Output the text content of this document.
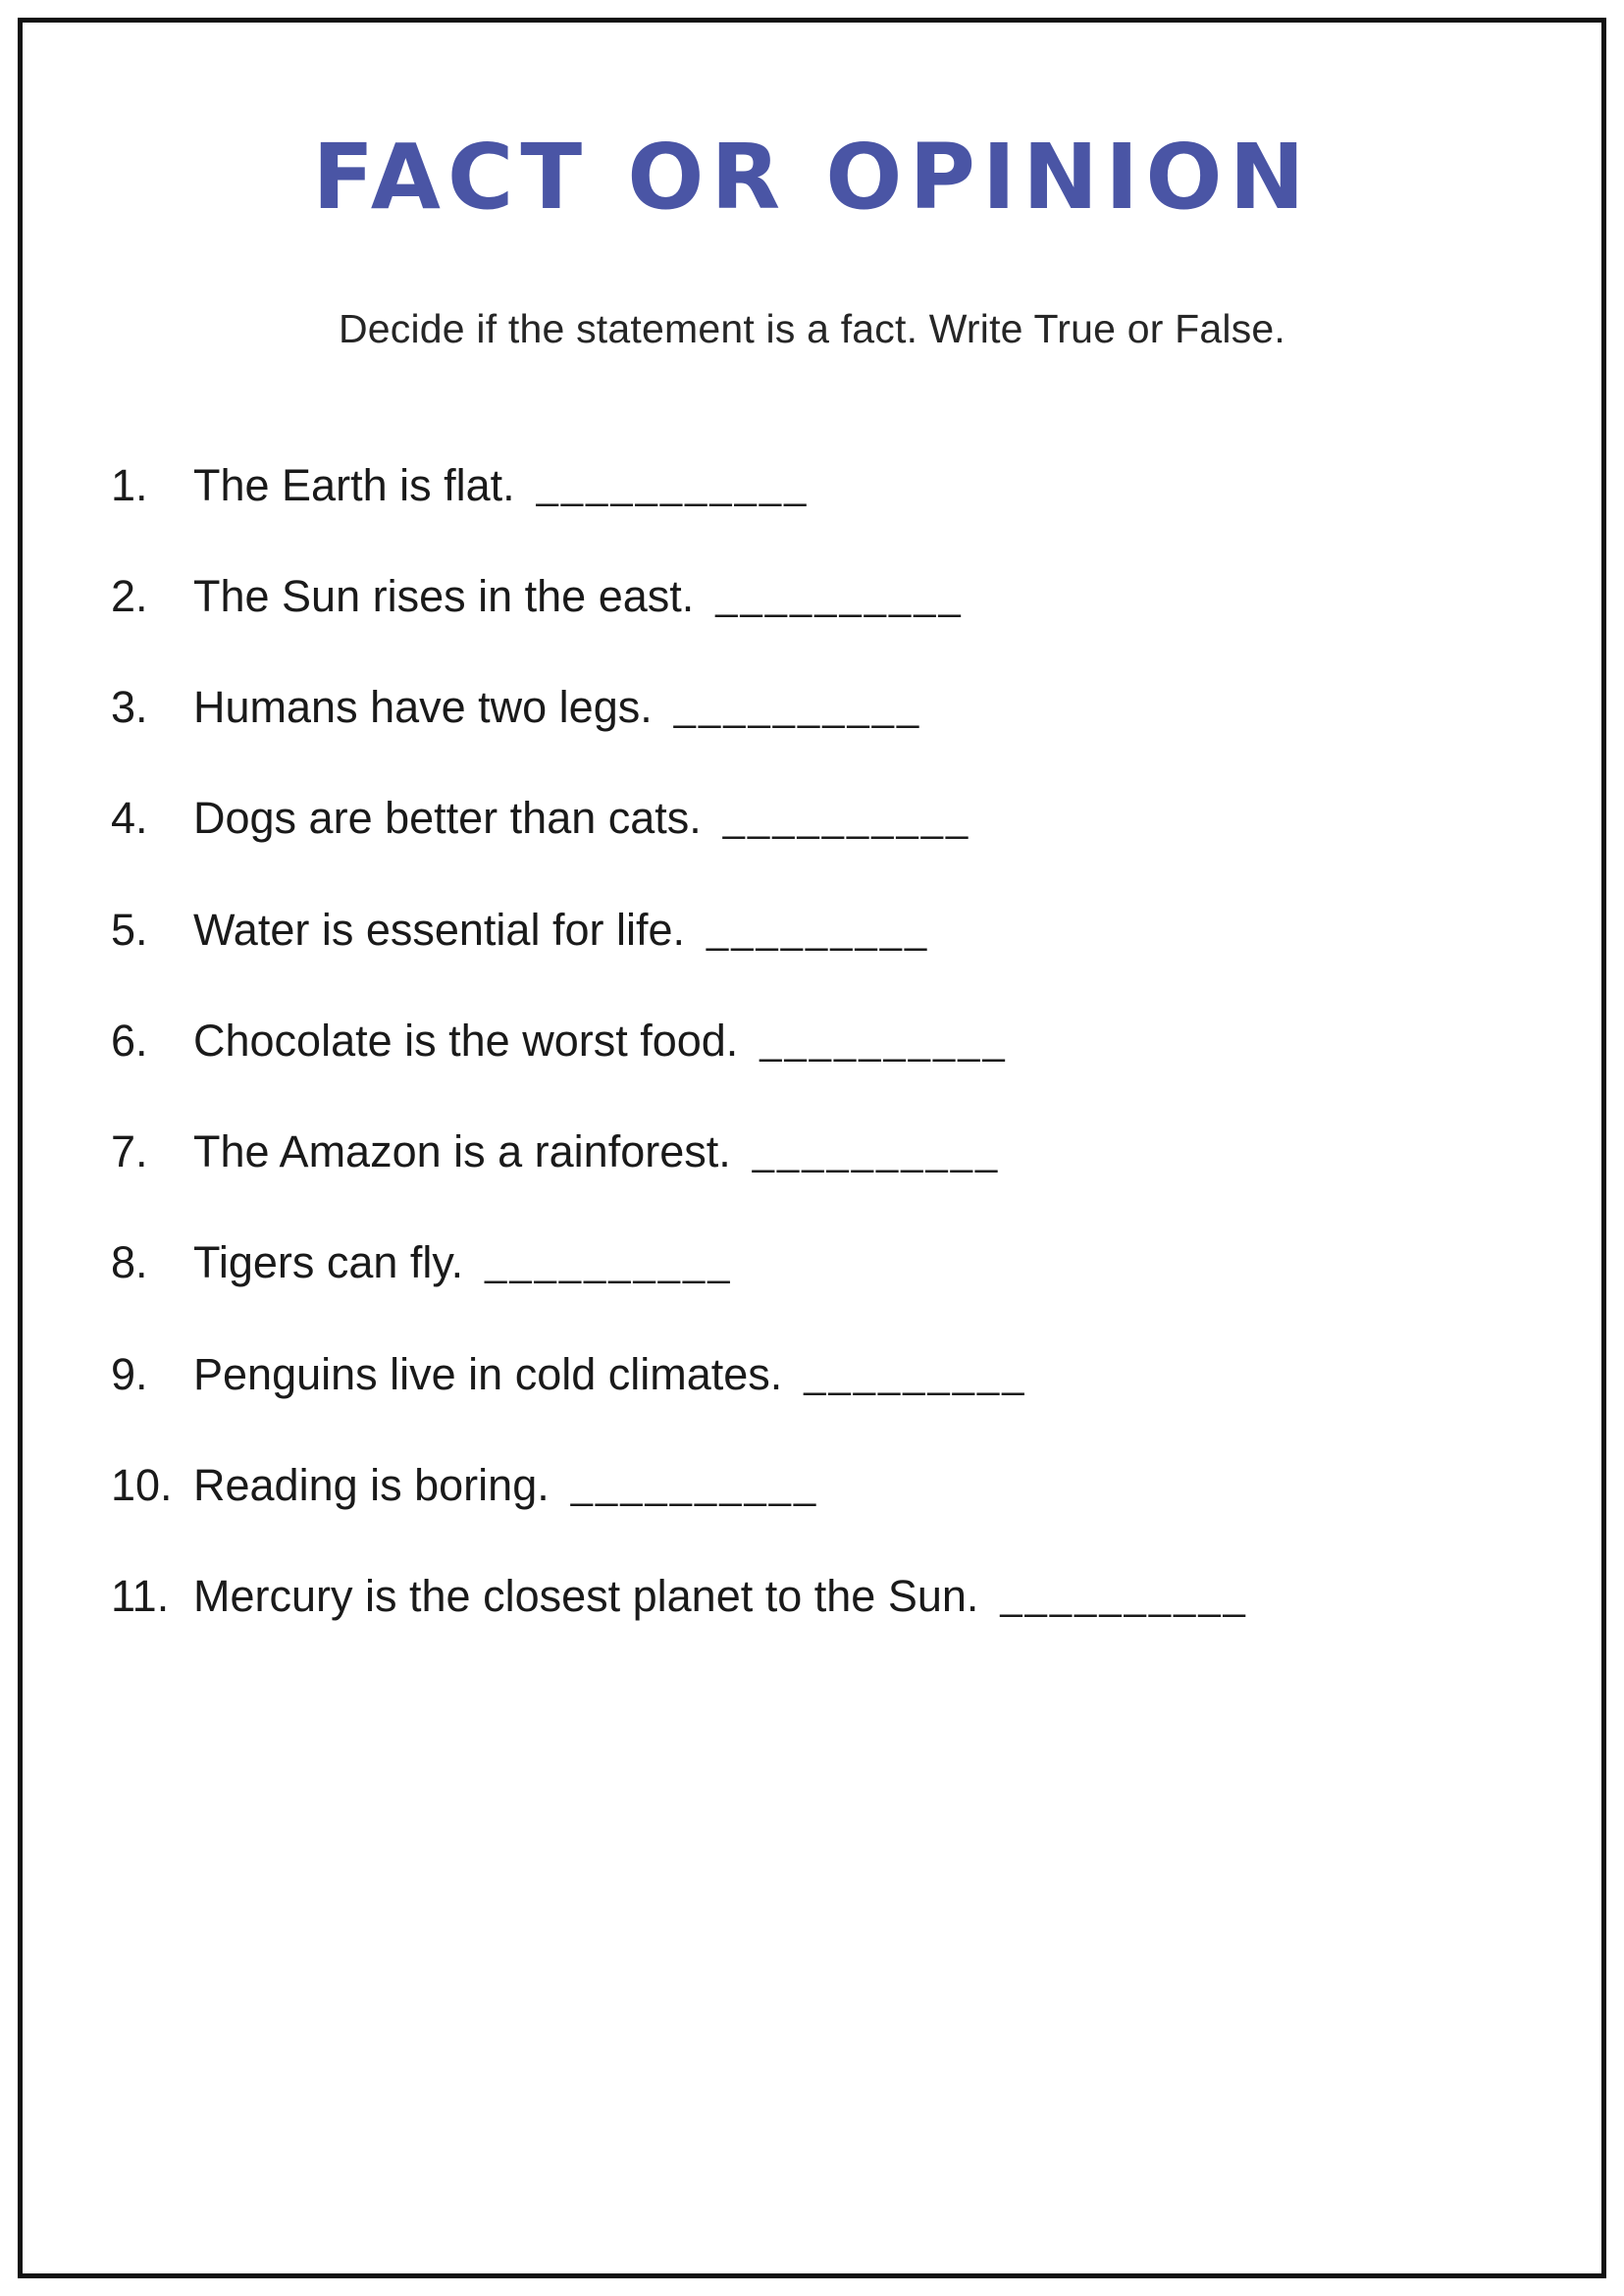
FACT OR OPINION

Decide if the statement is a fact. Write True or False.

1.	The Earth is flat. ___________
2.	The Sun rises in the east. __________
3.	Humans have two legs. __________
4.	Dogs are better than cats. __________
5.	Water is essential for life. _________
6.	Chocolate is the worst food. __________
7.	The Amazon is a rainforest. __________
8.	Tigers can fly. __________
9.	Penguins live in cold climates. _________
10. Reading is boring. __________
11. Mercury is the closest planet to the Sun. __________
